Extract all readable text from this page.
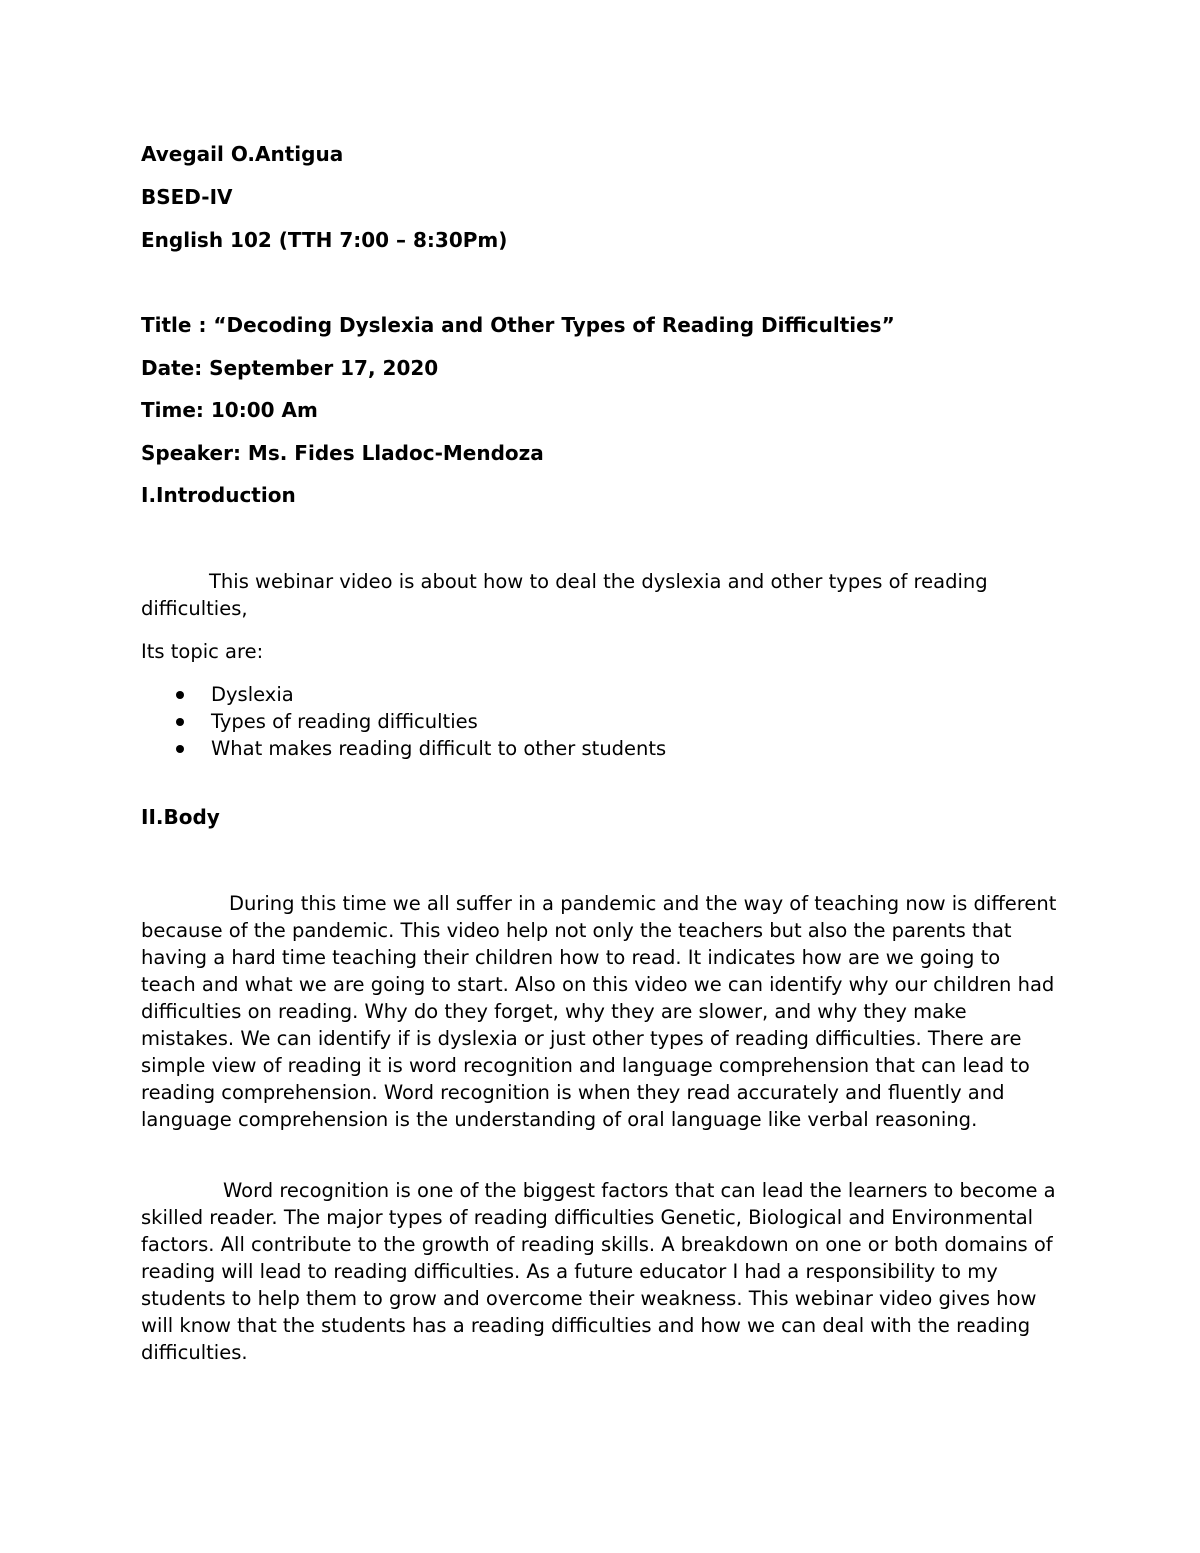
Avegail O.Antigua

BSED-IV

English 102 (TTH 7:00 – 8:30Pm)

Title : “Decoding Dyslexia and Other Types of Reading Difficulties”

Date: September 17, 2020

Time: 10:00 Am

Speaker: Ms. Fides Lladoc-Mendoza

I.Introduction

This webinar video is about how to deal the dyslexia and other types of reading difficulties,

Its topic are:

Dyslexia
Types of reading difficulties
What makes reading difficult to other students

II.Body

During this time we all suffer in a pandemic and the way of teaching now is different because of the pandemic. This video help not only the teachers but also the parents that having a hard time teaching their children how to read. It indicates how are we going to teach and what we are going to start. Also on this video we can identify why our children had difficulties on reading. Why do they forget, why they are slower, and why they make mistakes. We can identify if is dyslexia or just other types of reading difficulties. There are simple view of reading it is word recognition and language comprehension that can lead to reading comprehension. Word recognition is when they read accurately and fluently and language comprehension is the understanding of oral language like verbal reasoning.

Word recognition is one of the biggest factors that can lead the learners to become a skilled reader. The major types of reading difficulties Genetic, Biological and Environmental factors. All contribute to the growth of reading skills. A breakdown on one or both domains of reading will lead to reading difficulties. As a future educator I had a responsibility to my students to help them to grow and overcome their weakness. This webinar video gives how will know that the students has a reading difficulties and how we can deal with the reading difficulties.
